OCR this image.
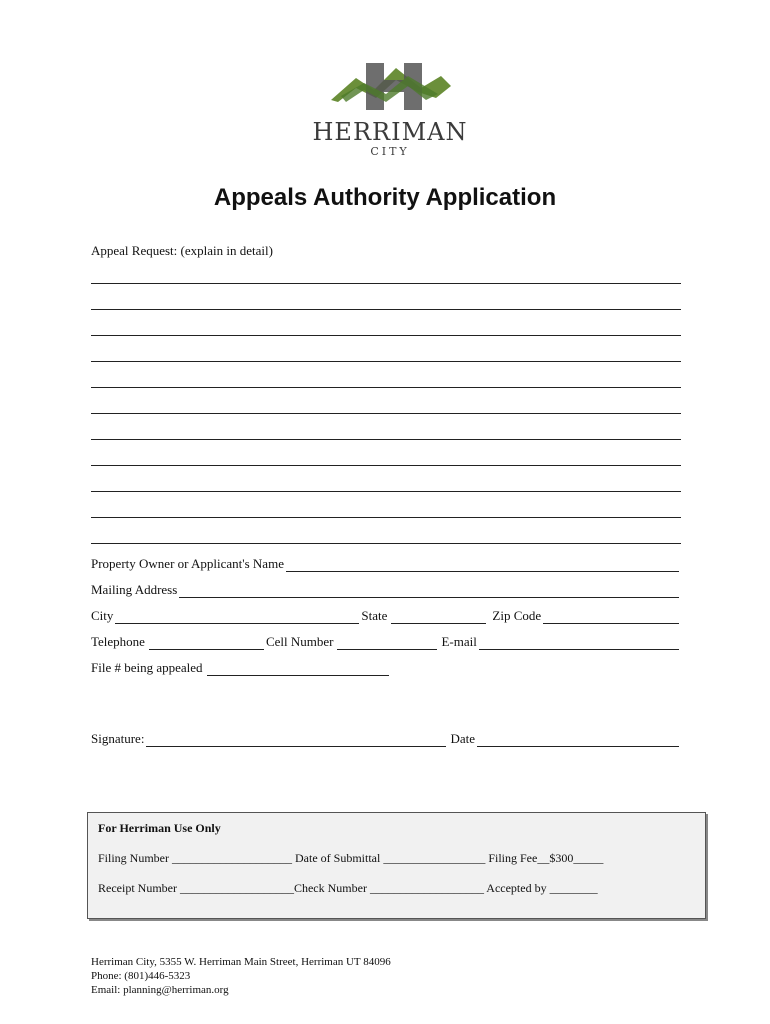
HERRIMAN
CITY
Appeals Authority Application
Appeal Request: (explain in detail)
Property Owner or Applicant's Name
Mailing Address
City	State	Zip Code
Telephone	Cell Number	E-mail
File # being appealed
Signature:	Date
For Herriman Use Only
Filing Number ____________________ Date of Submittal _________________ Filing Fee__$300_____
Receipt Number ___________________Check Number ___________________ Accepted by ________
Herriman City, 5355 W. Herriman Main Street, Herriman UT 84096
Phone: (801)446-5323
Email: planning@herriman.org
